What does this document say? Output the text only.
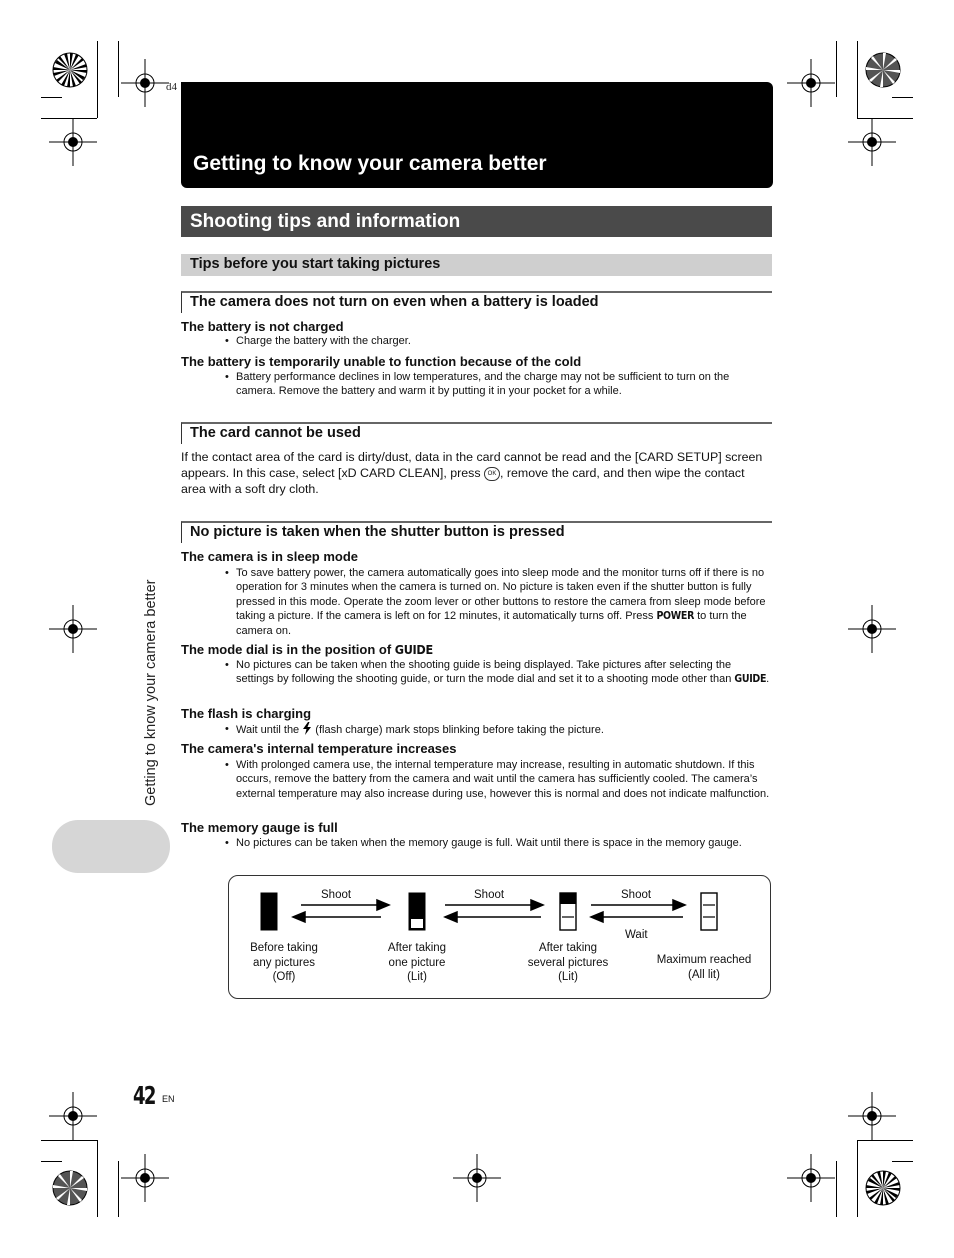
d4
Getting to know your camera better
Shooting tips and information
Tips before you start taking pictures
The camera does not turn on even when a battery is loaded
The battery is not charged
• Charge the battery with the charger.
The battery is temporarily unable to function because of the cold
• Battery performance declines in low temperatures, and the charge may not be sufficient to turn on the camera. Remove the battery and warm it by putting it in your pocket for a while.
The card cannot be used
If the contact area of the card is dirty/dust, data in the card cannot be read and the [CARD SETUP] screen appears. In this case, select [xD CARD CLEAN], press OK , remove the card, and then wipe the contact area with a soft dry cloth.
No picture is taken when the shutter button is pressed
The camera is in sleep mode
• To save battery power, the camera automatically goes into sleep mode and the monitor turns off if there is no operation for 3 minutes when the camera is turned on. No picture is taken even if the shutter button is fully pressed in this mode. Operate the zoom lever or other buttons to restore the camera from sleep mode before taking a picture. If the camera is left on for 12 minutes, it automatically turns off. Press POWER to turn the camera on.
The mode dial is in the position of GUIDE
• No pictures can be taken when the shooting guide is being displayed. Take pictures after selecting the settings by following the shooting guide, or turn the mode dial and set it to a shooting mode other than GUIDE.
The flash is charging
• Wait until the  (flash charge) mark stops blinking before taking the picture.
The camera's internal temperature increases
• With prolonged camera use, the internal temperature may increase, resulting in automatic shutdown. If this occurs, remove the battery from the camera and wait until the camera has sufficiently cooled. The camera’s external temperature may also increase during use, however this is normal and does not indicate malfunction.
The memory gauge is full
• No pictures can be taken when the memory gauge is full. Wait until there is space in the memory gauge.
Shoot	Shoot	Shoot
Wait
Before taking
any pictures
(Off)
After taking
one picture
(Lit)
After taking
several pictures
(Lit)
Maximum reached
(All lit)
Getting to know your camera better
42 EN
